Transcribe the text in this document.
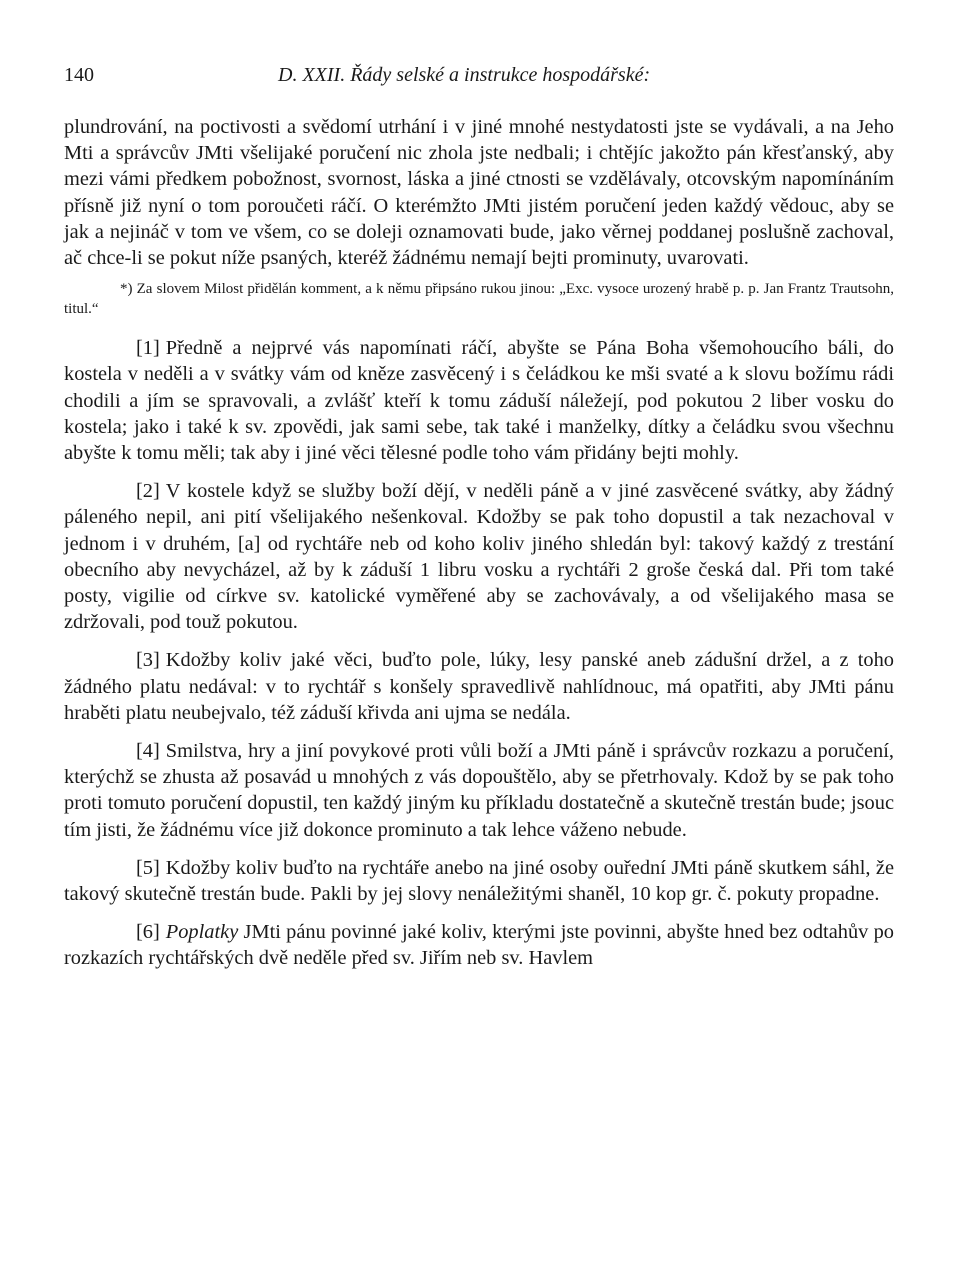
140	D. XXII. Řády selské a instrukce hospodářské:

plundrování, na poctivosti a svědomí utrhání i v jiné mnohé nestydatosti jste se vydávali, a na Jeho Mti a správcův JMti všelijaké poručení nic zhola jste nedbali; i chtějíc jakožto pán křesťanský, aby mezi vámi předkem pobožnost, svornost, láska a jiné ctnosti se vzdělávaly, otcovským napomínáním přísně již nyní o tom poroučeti ráčí. O kterémžto JMti jistém poručení jeden každý vědouc, aby se jak a nejináč v tom ve všem, co se doleji oznamovati bude, jako věrnej poddanej poslušně zachoval, ač chce-li se pokut níže psaných, kteréž žádnému nemají bejti prominuty, uvarovati.

*) Za slovem Milost přidělán komment, a k němu připsáno rukou jinou: „Exc. vysoce urozený hrabě p. p. Jan Frantz Trautsohn, titul.“

[1] Předně a nejprvé vás napomínati ráčí, abyšte se Pána Boha všemohoucího báli, do kostela v neděli a v svátky vám od kněze zasvěcený i s čeládkou ke mši svaté a k slovu božímu rádi chodili a jím se spravovali, a zvlášť kteří k tomu záduší náležejí, pod pokutou 2 liber vosku do kostela; jako i také k sv. zpovědi, jak sami sebe, tak také i manželky, dítky a čeládku svou všechnu abyšte k tomu měli; tak aby i jiné věci tělesné podle toho vám přidány bejti mohly.

[2] V kostele když se služby boží dějí, v neděli páně a v jiné zasvěcené svátky, aby žádný páleného nepil, ani pití všelijakého nešenkoval. Kdožby se pak toho dopustil a tak nezachoval v jednom i v druhém, [a] od rychtáře neb od koho koliv jiného shledán byl: takový každý z trestání obecního aby nevycházel, až by k záduší 1 libru vosku a rychtáři 2 groše česká dal. Při tom také posty, vigilie od církve sv. katolické vyměřené aby se zachovávaly, a od všelijakého masa se zdržovali, pod touž pokutou.

[3] Kdožby koliv jaké věci, buďto pole, lúky, lesy panské aneb zádušní držel, a z toho žádného platu nedával: v to rychtář s konšely spravedlivě nahlídnouc, má opatřiti, aby JMti pánu hraběti platu neubejvalo, též záduší křivda ani ujma se nedála.

[4] Smilstva, hry a jiní povykové proti vůli boží a JMti páně i správcův rozkazu a poručení, kterýchž se zhusta až posavád u mnohých z vás dopouštělo, aby se přetrhovaly. Kdož by se pak toho proti tomuto poručení dopustil, ten každý jiným ku příkladu dostatečně a skutečně trestán bude; jsouc tím jisti, že žádnému více již dokonce prominuto a tak lehce váženo nebude.

[5] Kdožby koliv buďto na rychtáře anebo na jiné osoby ouřední JMti páně skutkem sáhl, že takový skutečně trestán bude. Pakli by jej slovy nenáležitými shaněl, 10 kop gr. č. pokuty propadne.

[6] Poplatky JMti pánu povinné jaké koliv, kterými jste povinni, abyšte hned bez odtahův po rozkazích rychtářských dvě neděle před sv. Jiřím neb sv. Havlem
